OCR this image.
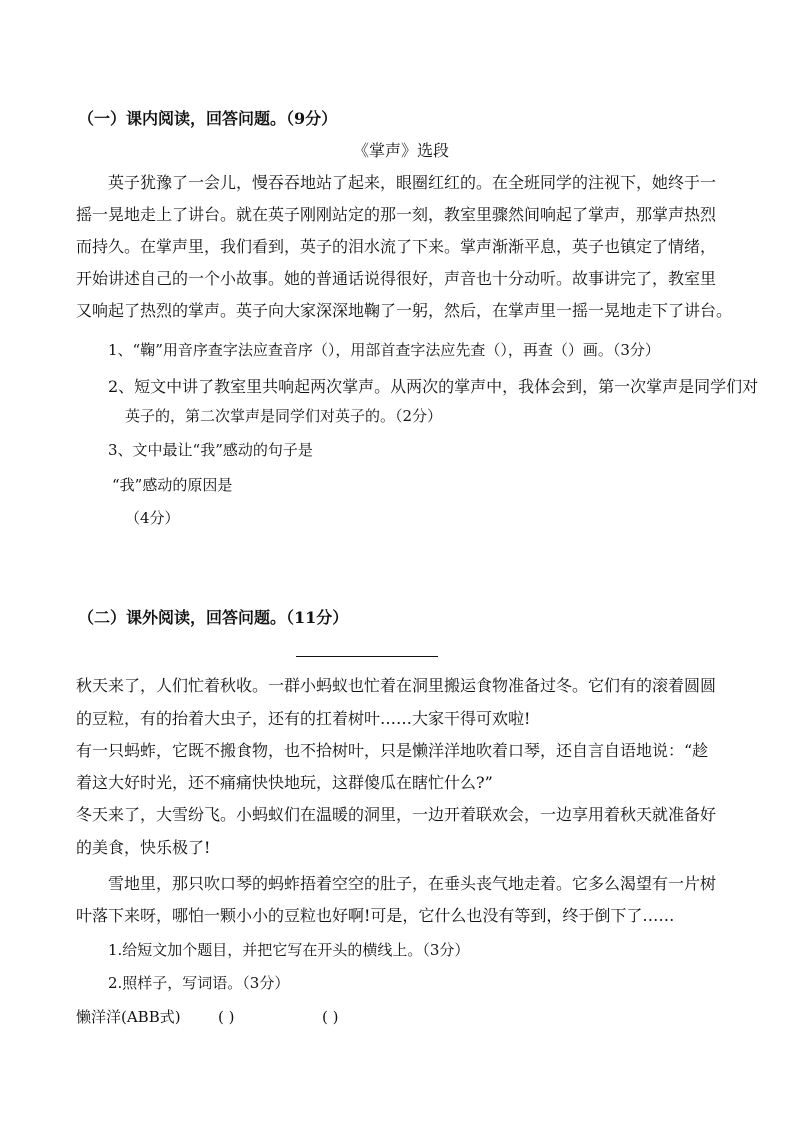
（一）课内阅读，回答问题。（9分）
《掌声》选段
英子犹豫了一会儿，慢吞吞地站了起来，眼圈红红的。在全班同学的注视下，她终于一
摇一晃地走上了讲台。就在英子刚刚站定的那一刻，教室里骤然间响起了掌声，那掌声热烈
而持久。在掌声里，我们看到，英子的泪水流了下来。掌声渐渐平息，英子也镇定了情绪，
开始讲述自己的一个小故事。她的普通话说得很好，声音也十分动听。故事讲完了，教室里
又响起了热烈的掌声。英子向大家深深地鞠了一躬，然后，在掌声里一摇一晃地走下了讲台。
1、“鞠”用音序查字法应查音序（），用部首查字法应先查（），再查（）画。（3分）
2、短文中讲了教室里共响起两次掌声。从两次的掌声中，我体会到，第一次掌声是同学们对
英子的，第二次掌声是同学们对英子的。（2分）
3、文中最让“我”感动的句子是
“我”感动的原因是
（4分）
（二）课外阅读，回答问题。（11分）
秋天来了，人们忙着秋收。一群小蚂蚁也忙着在洞里搬运食物准备过冬。它们有的滚着圆圆
的豆粒，有的抬着大虫子，还有的扛着树叶……大家干得可欢啦!
有一只蚂蚱，它既不搬食物，也不拾树叶，只是懒洋洋地吹着口琴，还自言自语地说：“趁
着这大好时光，还不痛痛快快地玩，这群傻瓜在瞎忙什么?”
冬天来了，大雪纷飞。小蚂蚁们在温暖的洞里，一边开着联欢会，一边享用着秋天就准备好
的美食，快乐极了!
雪地里，那只吹口琴的蚂蚱捂着空空的肚子，在垂头丧气地走着。它多么渴望有一片树
叶落下来呀，哪怕一颗小小的豆粒也好啊!可是，它什么也没有等到，终于倒下了……
1.给短文加个题目，并把它写在开头的横线上。（3分）
2.照样子，写词语。（3分）
懒洋洋(ABB式) ( )	( )
